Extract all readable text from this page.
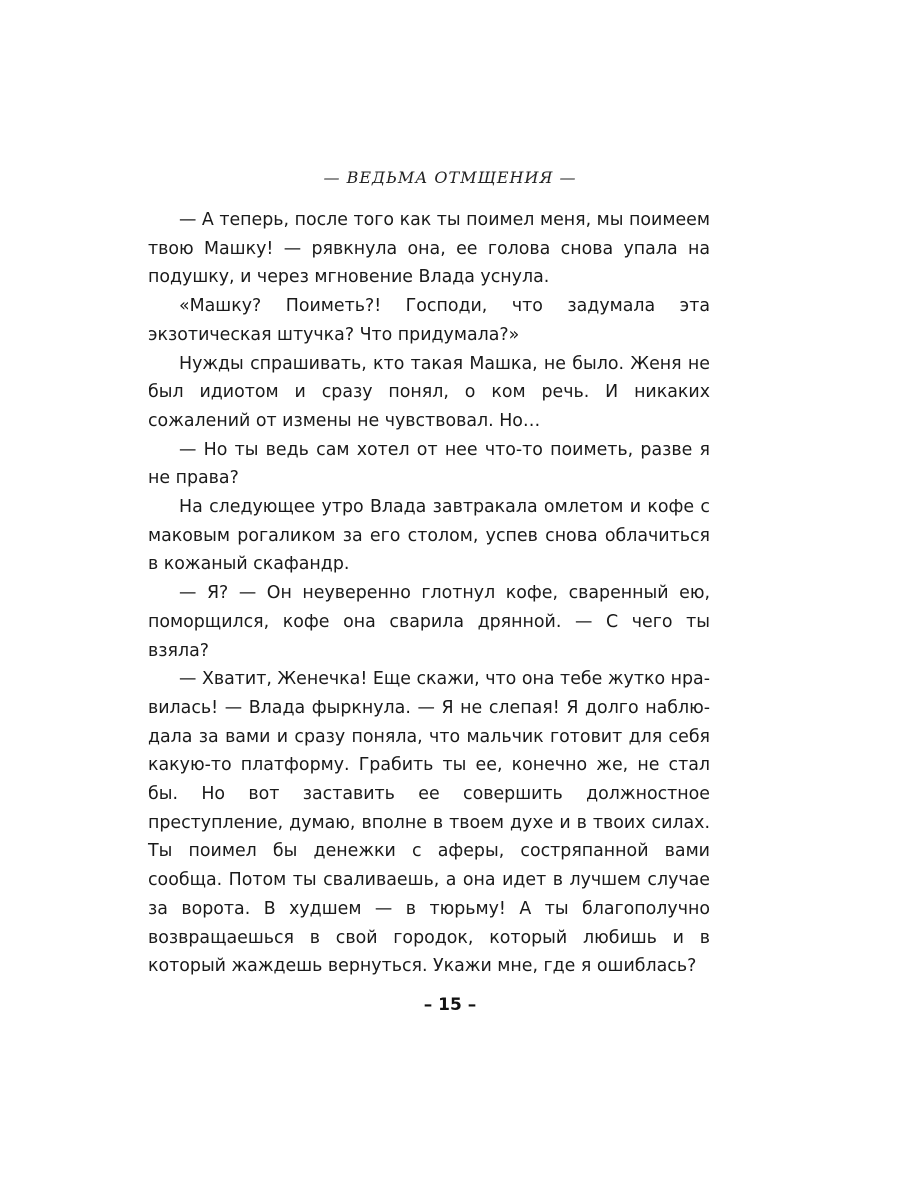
— ВЕДЬМА ОТМЩЕНИЯ —

— А теперь, после того как ты поимел меня, мы поимеем твою Машку! — рявкнула она, ее голова снова упала на подушку, и через мгновение Влада уснула.

«Машку? Поиметь?! Господи, что задумала эта экзотическая штучка? Что придумала?»

Нужды спрашивать, кто такая Машка, не было. Женя не был идиотом и сразу понял, о ком речь. И никаких сожалений от измены не чувствовал. Но…

— Но ты ведь сам хотел от нее что-то поиметь, разве я не права?

На следующее утро Влада завтракала омлетом и кофе с маковым рогаликом за его столом, успев снова облачиться в кожаный скафандр.

— Я? — Он неуверенно глотнул кофе, сваренный ею, поморщился, кофе она сварила дрянной. — С чего ты взяла?

— Хватит, Женечка! Еще скажи, что она тебе жутко нравилась! — Влада фыркнула. — Я не слепая! Я долго наблюдала за вами и сразу поняла, что мальчик готовит для себя какую-то платформу. Грабить ты ее, конечно же, не стал бы. Но вот заставить ее совершить должностное преступление, думаю, вполне в твоем духе и в твоих силах. Ты поимел бы денежки с аферы, состряпанной вами сообща. Потом ты сваливаешь, а она идет в лучшем случае за ворота. В худшем — в тюрьму! А ты благополучно возвращаешься в свой городок, который любишь и в который жаждешь вернуться. Укажи мне, где я ошиблась?

– 15 –
